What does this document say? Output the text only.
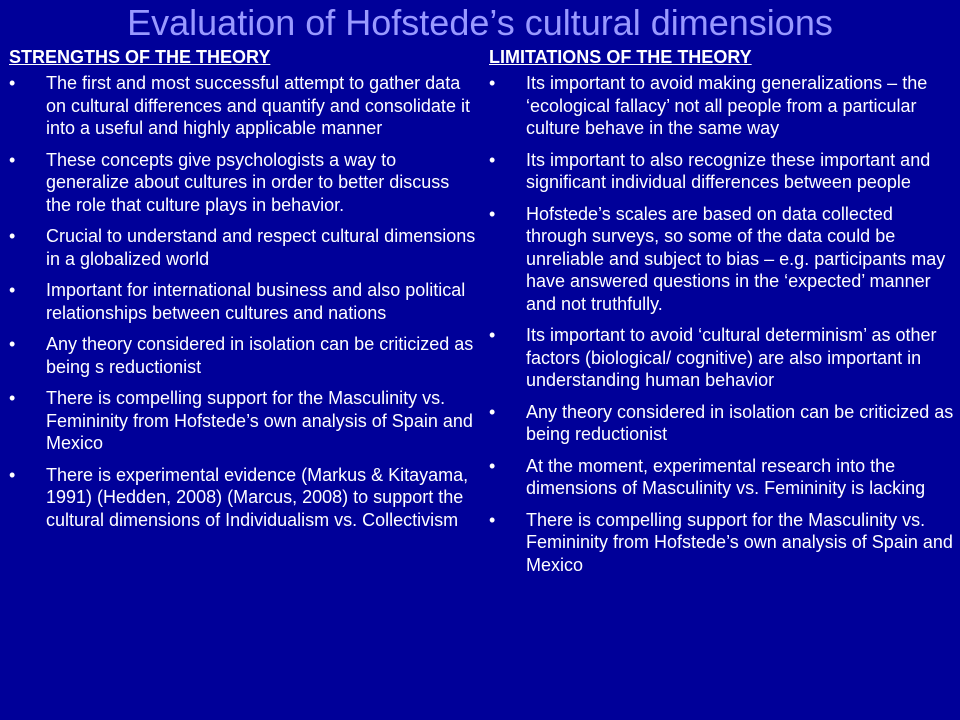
Evaluation of Hofstede’s cultural dimensions
STRENGTHS OF THE THEORY
• The first and most successful attempt to gather data on cultural differences and quantify and consolidate it into a useful and highly applicable manner
• These concepts give psychologists a way to generalize about cultures in order to better discuss the role that culture plays in behavior.
• Crucial to understand and respect cultural dimensions in a globalized world
• Important for international business and also political relationships between cultures and nations
• Any theory considered in isolation can be criticized as being s reductionist
• There is compelling support for the Masculinity vs. Femininity from Hofstede’s own analysis of Spain and Mexico
• There is experimental evidence (Markus & Kitayama, 1991) (Hedden, 2008) (Marcus, 2008) to support the cultural dimensions of Individualism vs. Collectivism
LIMITATIONS OF THE THEORY
• Its important to avoid making generalizations – the ‘ecological fallacy’ not all people from a particular culture behave in the same way
• Its important to also recognize these important and significant individual differences between people
• Hofstede’s scales are based on data collected through surveys, so some of the data could be unreliable and subject to bias – e.g. participants may have answered questions in the ‘expected’ manner and not truthfully.
• Its important to avoid ‘cultural determinism’ as other factors (biological/ cognitive) are also important in understanding human behavior
• Any theory considered in isolation can be criticized as being reductionist
• At the moment, experimental research into the dimensions of Masculinity vs. Femininity is lacking
• There is compelling support for the Masculinity vs. Femininity from Hofstede’s own analysis of Spain and Mexico
